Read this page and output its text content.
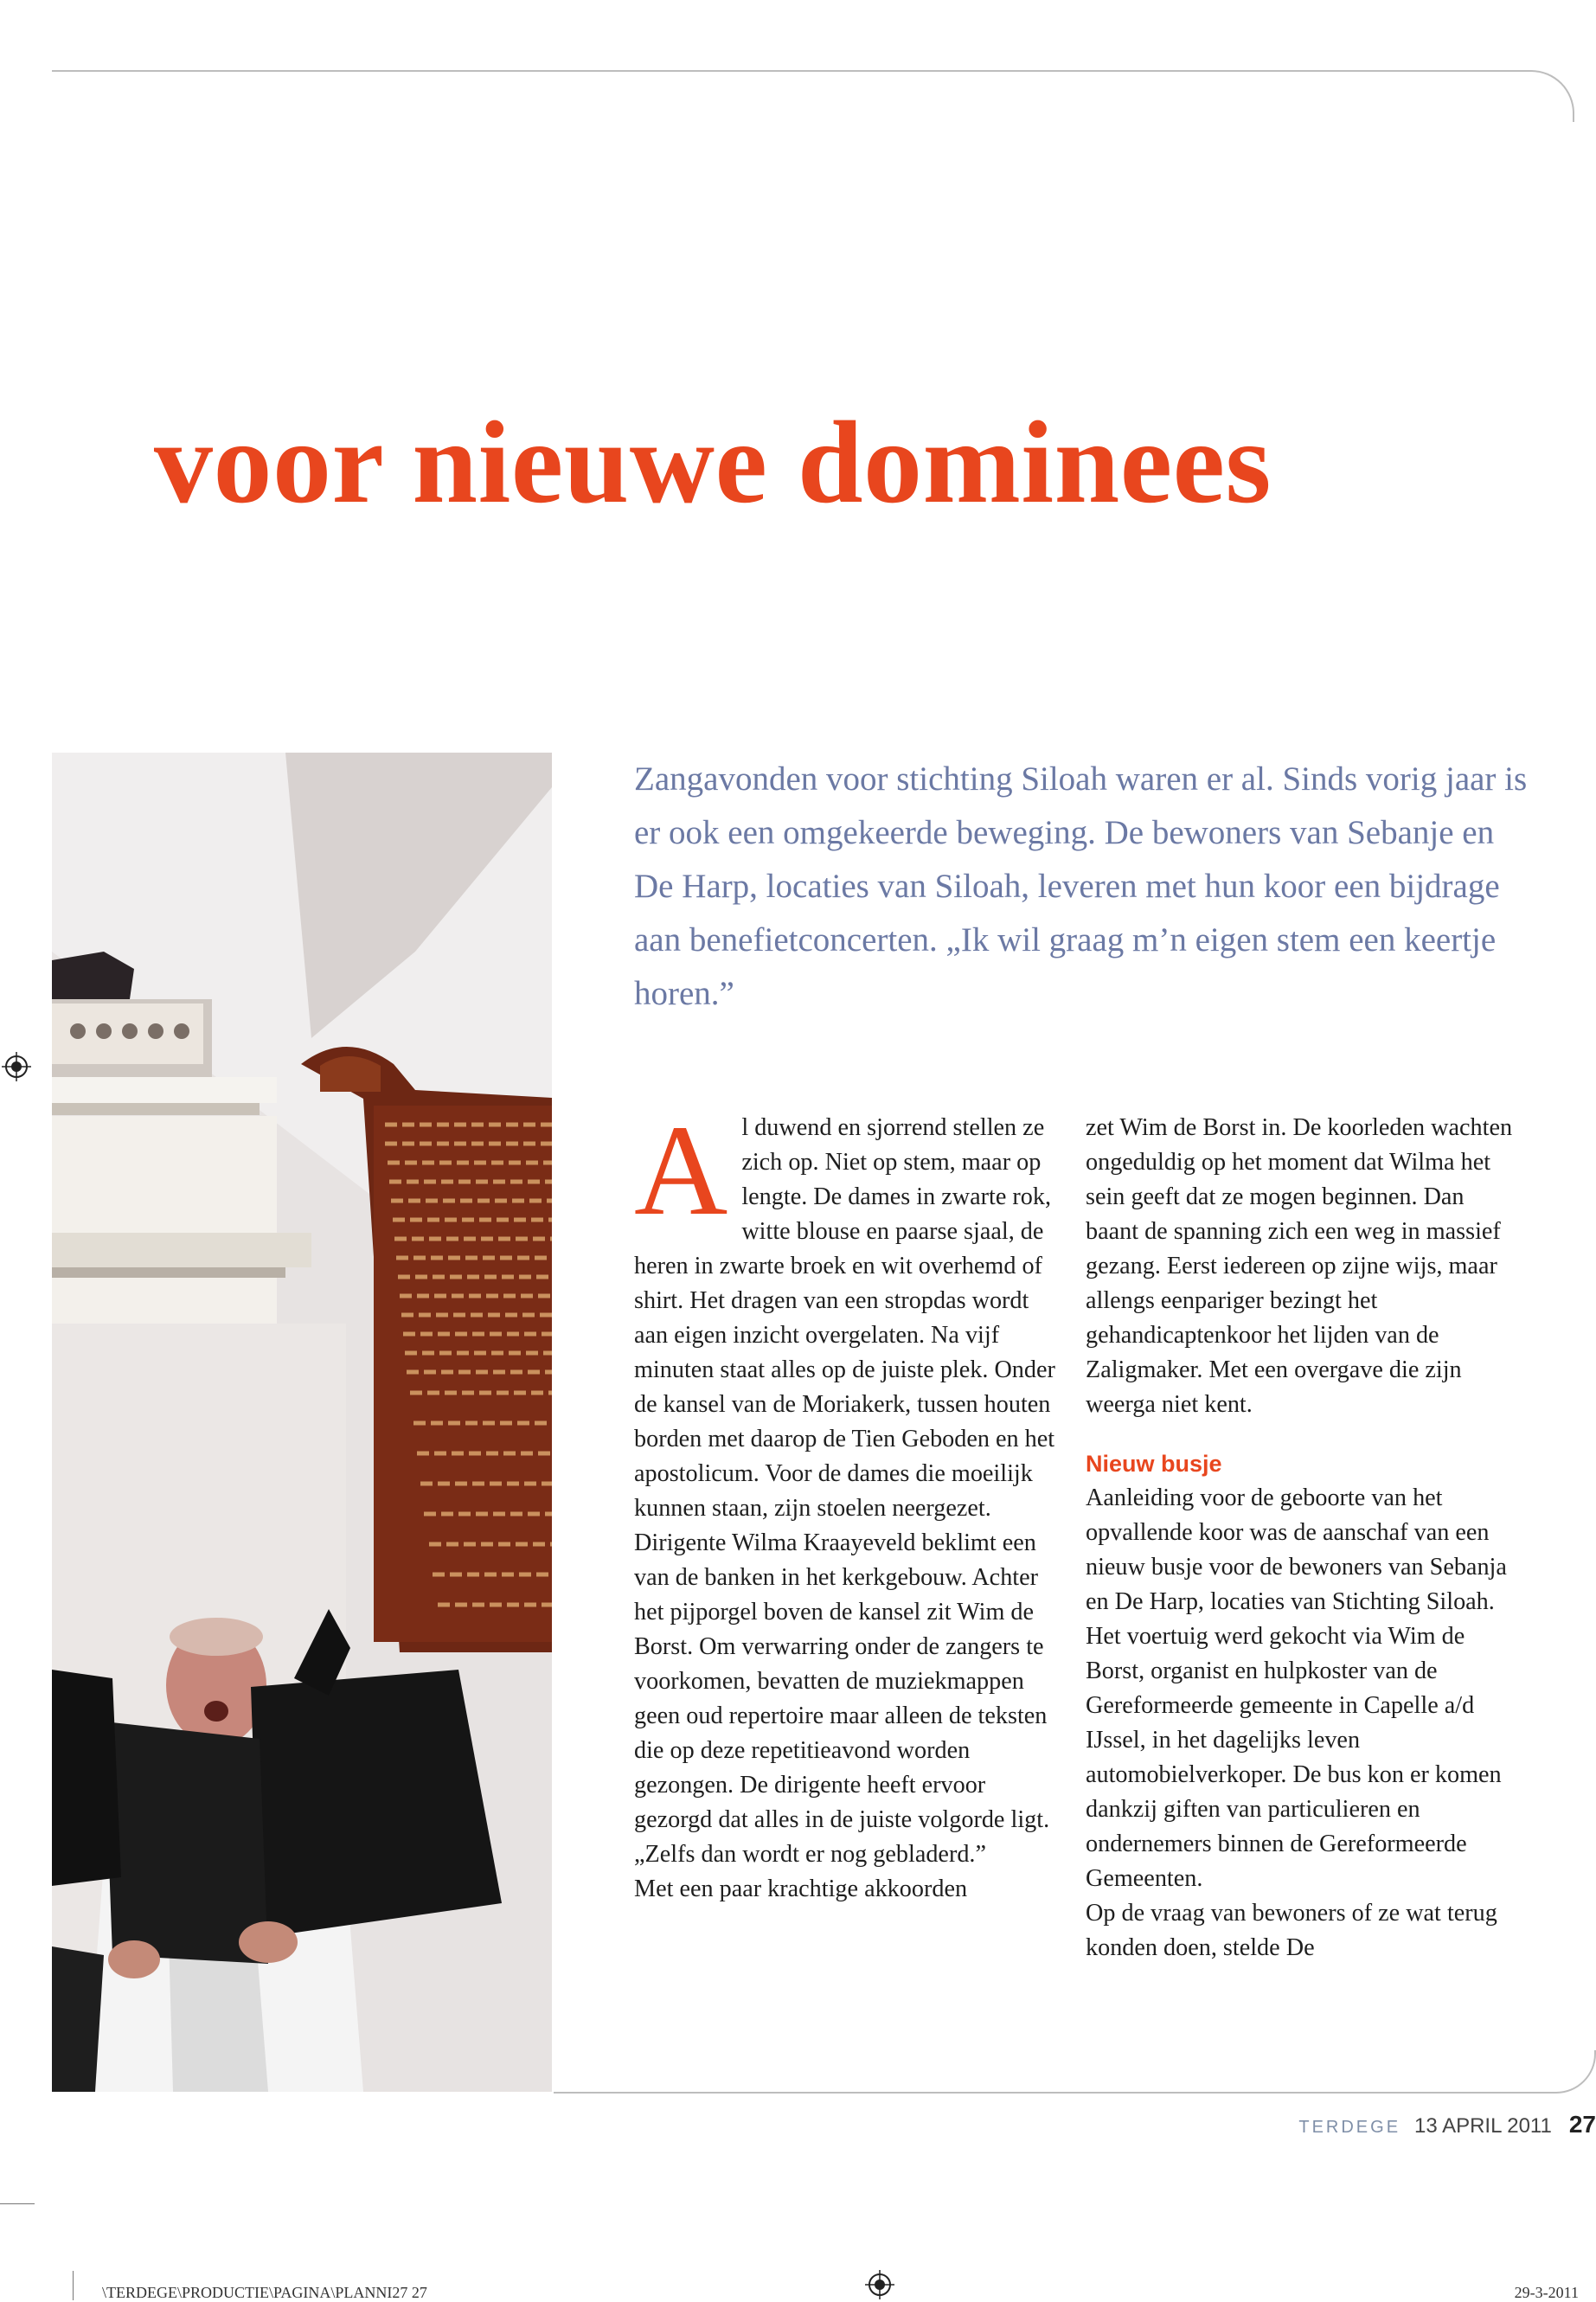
voor nieuwe dominees

Zangavonden voor stichting Siloah waren er al. Sinds vorig jaar is er ook een omgekeerde beweging. De bewoners van Sebanje en De Harp, locaties van Siloah, leveren met hun koor een bijdrage aan benefietconcerten. „Ik wil graag m’n eigen stem een keertje horen.”

Al duwend en sjorrend stellen ze zich op. Niet op stem, maar op lengte. De dames in zwarte rok, witte blouse en paarse sjaal, de heren in zwarte broek en wit overhemd of shirt. Het dragen van een stropdas wordt aan eigen inzicht overgelaten. Na vijf minuten staat alles op de juiste plek. Onder de kansel van de Moriakerk, tussen houten borden met daarop de Tien Geboden en het apostolicum. Voor de dames die moeilijk kunnen staan, zijn stoelen neergezet.

Dirigente Wilma Kraayeveld beklimt een van de banken in het kerkgebouw. Achter het pijporgel boven de kansel zit Wim de Borst. Om verwarring onder de zangers te voorkomen, bevatten de muziekmappen geen oud repertoire maar alleen de teksten die op deze repetitieavond worden gezongen. De dirigente heeft ervoor gezorgd dat alles in de juiste volgorde ligt. „Zelfs dan wordt er nog gebladerd.”

Met een paar krachtige akkoorden

zet Wim de Borst in. De koorleden wachten ongeduldig op het moment dat Wilma het sein geeft dat ze mogen beginnen. Dan baant de spanning zich een weg in massief gezang. Eerst iedereen op zijne wijs, maar allengs eenpariger bezingt het gehandicaptenkoor het lijden van de Zaligmaker. Met een overgave die zijn weerga niet kent.

Nieuw busje

Aanleiding voor de geboorte van het opvallende koor was de aanschaf van een nieuw busje voor de bewoners van Sebanja en De Harp, locaties van Stichting Siloah. Het voertuig werd gekocht via Wim de Borst, organist en hulpkoster van de Gereformeerde gemeente in Capelle a/d IJssel, in het dagelijks leven automobielverkoper. De bus kon er komen dankzij giften van particulieren en ondernemers binnen de Gereformeerde Gemeenten.

Op de vraag van bewoners of ze wat terug konden doen, stelde De

TERDEGE 13 APRIL 2011 27
\TERDEGE\PRODUCTIE\PAGINA\PLANNI27 27	29-3-2011
